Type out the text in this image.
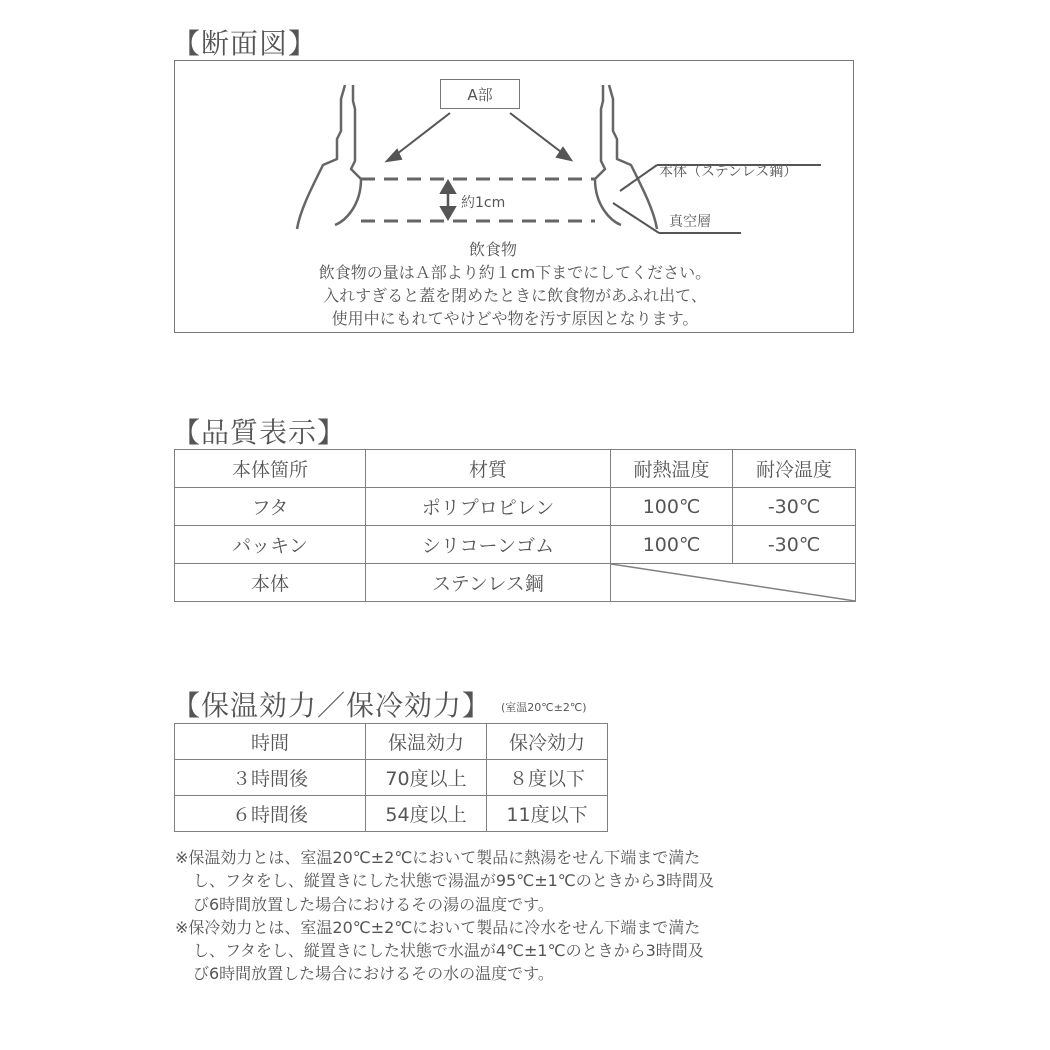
【断面図】
A部
本体（ステンレス鋼）
真空層
約1cm
飲食物
飲食物の量はＡ部より約１cm下までにしてください。
入れすぎると蓋を閉めたときに飲食物があふれ出て、
使用中にもれてやけどや物を汚す原因となります。
【品質表示】
本体箇所	材質	耐熱温度	耐冷温度
フタ	ポリプロピレン	100℃	-30℃
パッキン	シリコーンゴム	100℃	-30℃
本体	ステンレス鋼	
【保温効力／保冷効力】 (室温20℃±2℃)
時間	保温効力	保冷効力
３時間後	70度以上	８度以下
６時間後	54度以上	11度以下
※保温効力とは、室温20℃±2℃において製品に熱湯をせん下端まで満た
し、フタをし、縦置きにした状態で湯温が95℃±1℃のときから3時間及
び6時間放置した場合におけるその湯の温度です。
※保冷効力とは、室温20℃±2℃において製品に冷水をせん下端まで満た
し、フタをし、縦置きにした状態で水温が4℃±1℃のときから3時間及
び6時間放置した場合におけるその水の温度です。
